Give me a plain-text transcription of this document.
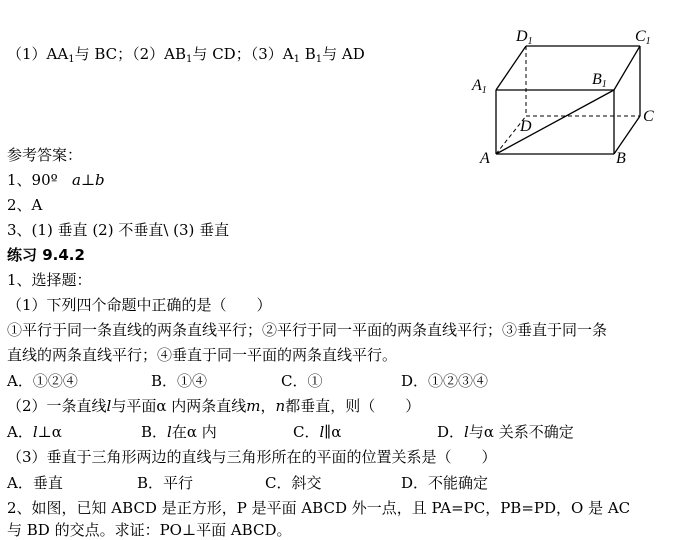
$(1)AA_1$与 BC；$(2)AB_1$与 CD；$(3)A_1$ $B_1$与 AD
D1	C1
A1
B1
D
C
A	B
参考答案：
1、90º a⊥b
2、A
3、(1) 垂直 (2) 不垂直\ (3) 垂直
练习 9.4.2
1、选择题：
（1）下列四个命题中正确的是（　　）
①平行于同一条直线的两条直线平行；②平行于同一平面的两条直线平行；③垂直于同一条
直线的两条直线平行；④垂直于同一平面的两条直线平行。
A．①②④	B．①④	C．①	D．①②③④
（2）一条直线l与平面α 内两条直线m，n都垂直，则（　　）
A．l⊥α	B．l在α 内	C．l∥α	D．l与α 关系不确定
（3）垂直于三角形两边的直线与三角形所在的平面的位置关系是（　　）
A．垂直	B．平行	C．斜交	D．不能确定
2、如图，已知 ABCD 是正方形，P 是平面 ABCD 外一点，且 PA=PC，PB=PD，O 是 AC
与 BD 的交点。求证：PO⊥平面 ABCD。
